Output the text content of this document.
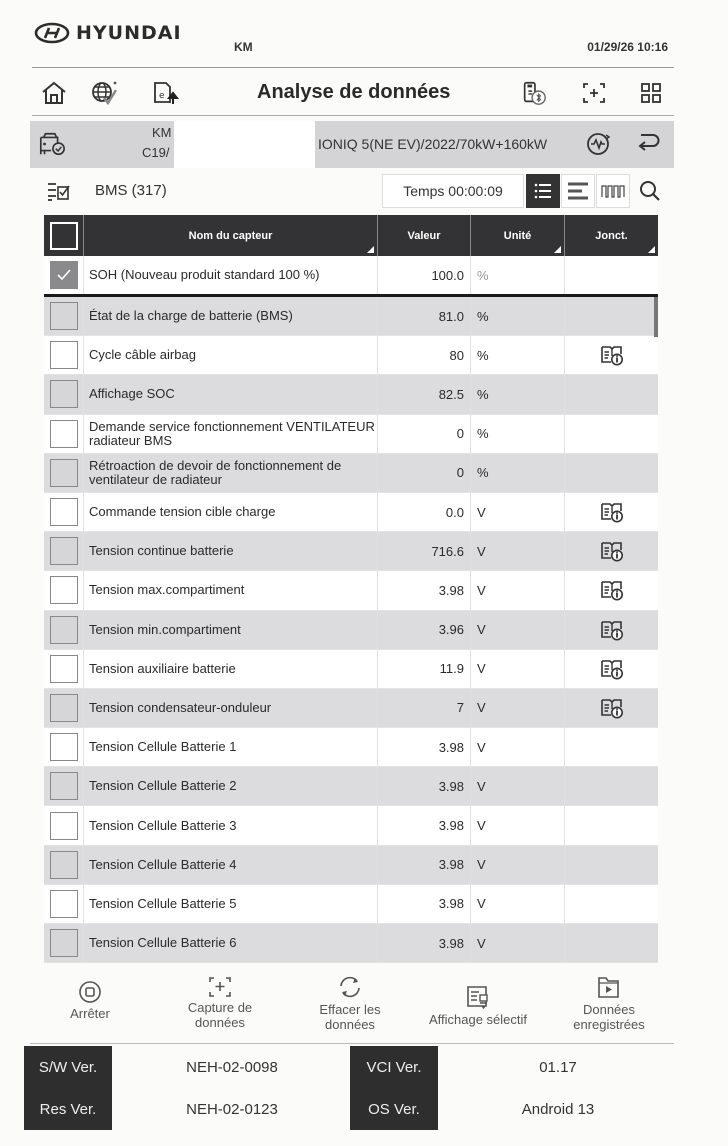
HYUNDAI
KM	01/29/26 10:16
e	Analyse de données
KM
C19/
IONIQ 5(NE EV)/2022/70kW+160kW
BMS (317)	Temps 00:00:09
Nom du capteur	Valeur	Unité	Jonct.
SOH (Nouveau produit standard 100 %)	100.0	%
État de la charge de batterie (BMS)	81.0	%
Cycle câble airbag	80	%
Affichage SOC	82.5	%
Demande service fonctionnement VENTILATEUR radiateur BMS	0	%
Rétroaction de devoir de fonctionnement de ventilateur de radiateur	0	%
Commande tension cible charge	0.0	V
Tension continue batterie	716.6	V
Tension max.compartiment	3.98	V
Tension min.compartiment	3.96	V
Tension auxiliaire batterie	11.9	V
Tension condensateur-onduleur	7	V
Tension Cellule Batterie 1	3.98	V
Tension Cellule Batterie 2	3.98	V
Tension Cellule Batterie 3	3.98	V
Tension Cellule Batterie 4	3.98	V
Tension Cellule Batterie 5	3.98	V
Tension Cellule Batterie 6	3.98	V
Arrêter	Capture de
données
Effacer les
données	Affichage sélectif
Données
enregistrées
S/W Ver.	NEH-02-0098	VCI Ver.	01.17
Res Ver.	NEH-02-0123	OS Ver.	Android 13
